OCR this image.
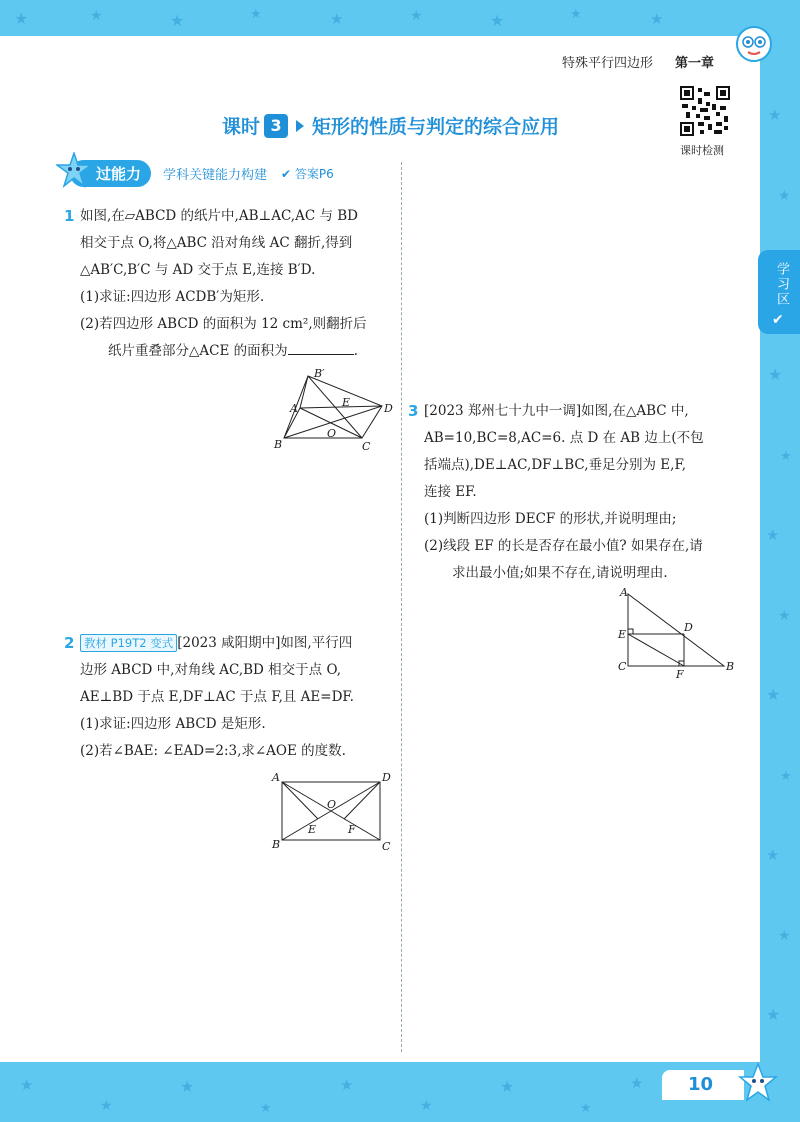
★	★	★	★	★	★	★	★	★
★
★
★
★
★
★
★
★
★
★
★
★
★
★
★
★
★
★
★
★
特殊平行四边形 第一章
课时 3	矩形的性质与判定的综合应用
课时检测
学习区
✔
过能力	学科关键能力构建 ✔ 答案P6
1 如图,在▱ABCD 的纸片中,AB⊥AC,AC 与 BD
相交于点 O,将△ABC 沿对角线 AC 翻折,得到
△AB′C,B′C 与 AD 交于点 E,连接 B′D.
(1)求证:四边形 ACDB′为矩形.
(2)若四边形 ABCD 的面积为 12 cm²,则翻折后
纸片重叠部分△ACE 的面积为	.
B′
A	D
E
O
B	C
2 教材 P19T2 变式 [2023 咸阳期中]如图,平行四
边形 ABCD 中,对角线 AC,BD 相交于点 O,
AE⊥BD 于点 E,DF⊥AC 于点 F,且 AE=DF.
(1)求证:四边形 ABCD 是矩形.
(2)若∠BAE: ∠EAD=2:3,求∠AOE 的度数.
A	D
B	C
O
E	F
3 [2023 郑州七十九中一调]如图,在△ABC 中,
AB=10,BC=8,AC=6. 点 D 在 AB 边上(不包
括端点),DE⊥AC,DF⊥BC,垂足分别为 E,F,
连接 EF.
(1)判断四边形 DECF 的形状,并说明理由;
(2)线段 EF 的长是否存在最小值? 如果存在,请
求出最小值;如果不存在,请说明理由.
A
E
D
C
F
B
10
